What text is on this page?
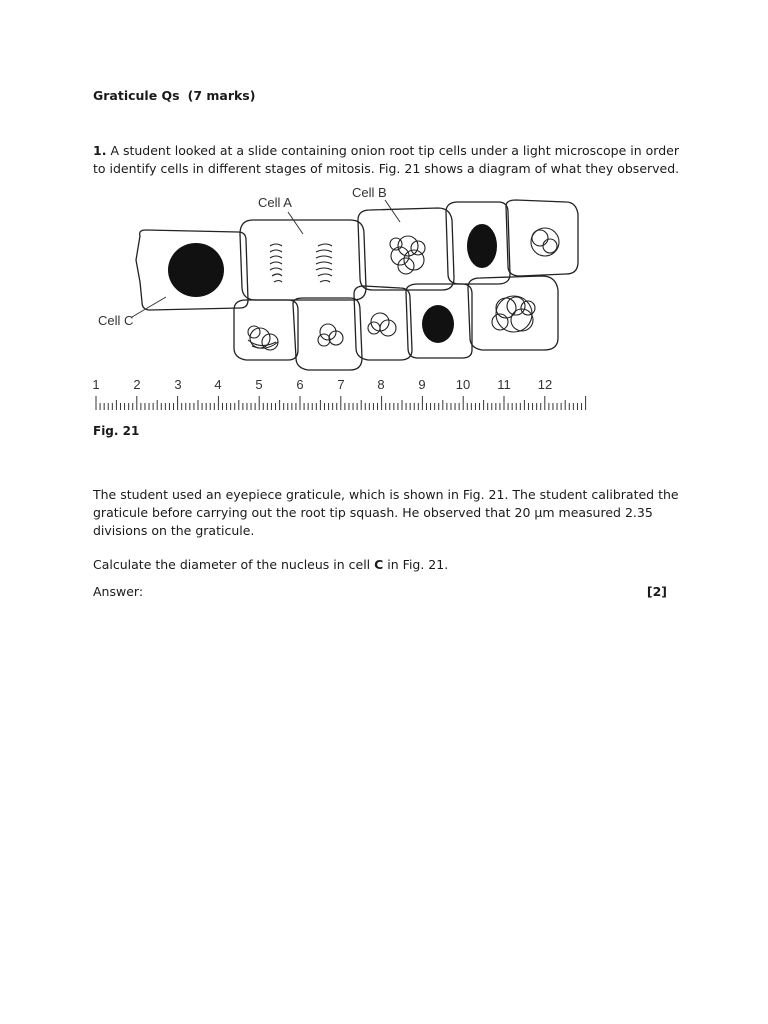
Graticule Qs (7 marks)
1. A student looked at a slide containing onion root tip cells under a light microscope in order to identify cells in different stages of mitosis. Fig. 21 shows a diagram of what they observed.
Cell A
Cell B
Cell C
1	2	3	4	5	6	7	8	9 10 11 12
Fig. 21
The student used an eyepiece graticule, which is shown in Fig. 21. The student calibrated the graticule before carrying out the root tip squash. He observed that 20 µm measured 2.35 divisions on the graticule.
Calculate the diameter of the nucleus in cell C in Fig. 21.
Answer:	[2]
